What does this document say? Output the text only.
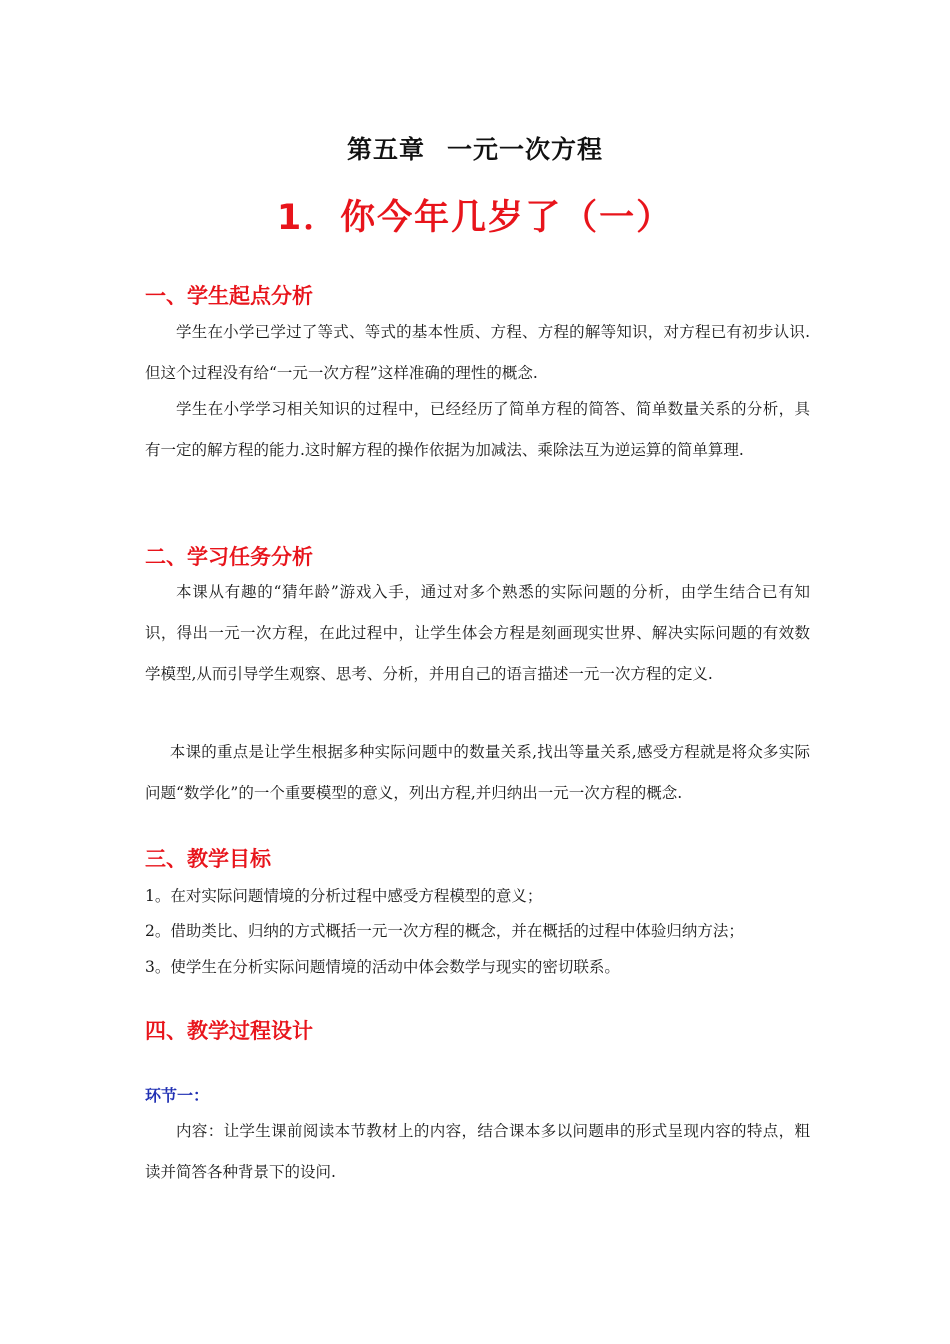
第五章 一元一次方程
1．你今年几岁了（一）
一、学生起点分析
学生在小学已学过了等式、等式的基本性质、方程、方程的解等知识，对方程已有初步认识. 但这个过程没有给“一元一次方程”这样准确的理性的概念.
学生在小学学习相关知识的过程中，已经经历了简单方程的简答、简单数量关系的分析，具有一定的解方程的能力.这时解方程的操作依据为加减法、乘除法互为逆运算的简单算理.
二、学习任务分析
本课从有趣的“猜年龄”游戏入手，通过对多个熟悉的实际问题的分析，由学生结合已有知识，得出一元一次方程，在此过程中，让学生体会方程是刻画现实世界、解决实际问题的有效数学模型,从而引导学生观察、思考、分析，并用自己的语言描述一元一次方程的定义.
本课的重点是让学生根据多种实际问题中的数量关系,找出等量关系,感受方程就是将众多实际问题“数学化”的一个重要模型的意义，列出方程,并归纳出一元一次方程的概念.
三、教学目标
1。在对实际问题情境的分析过程中感受方程模型的意义；
2。借助类比、归纳的方式概括一元一次方程的概念，并在概括的过程中体验归纳方法；
3。使学生在分析实际问题情境的活动中体会数学与现实的密切联系。
四、教学过程设计
环节一：
内容：让学生课前阅读本节教材上的内容，结合课本多以问题串的形式呈现内容的特点，粗读并简答各种背景下的设问.
